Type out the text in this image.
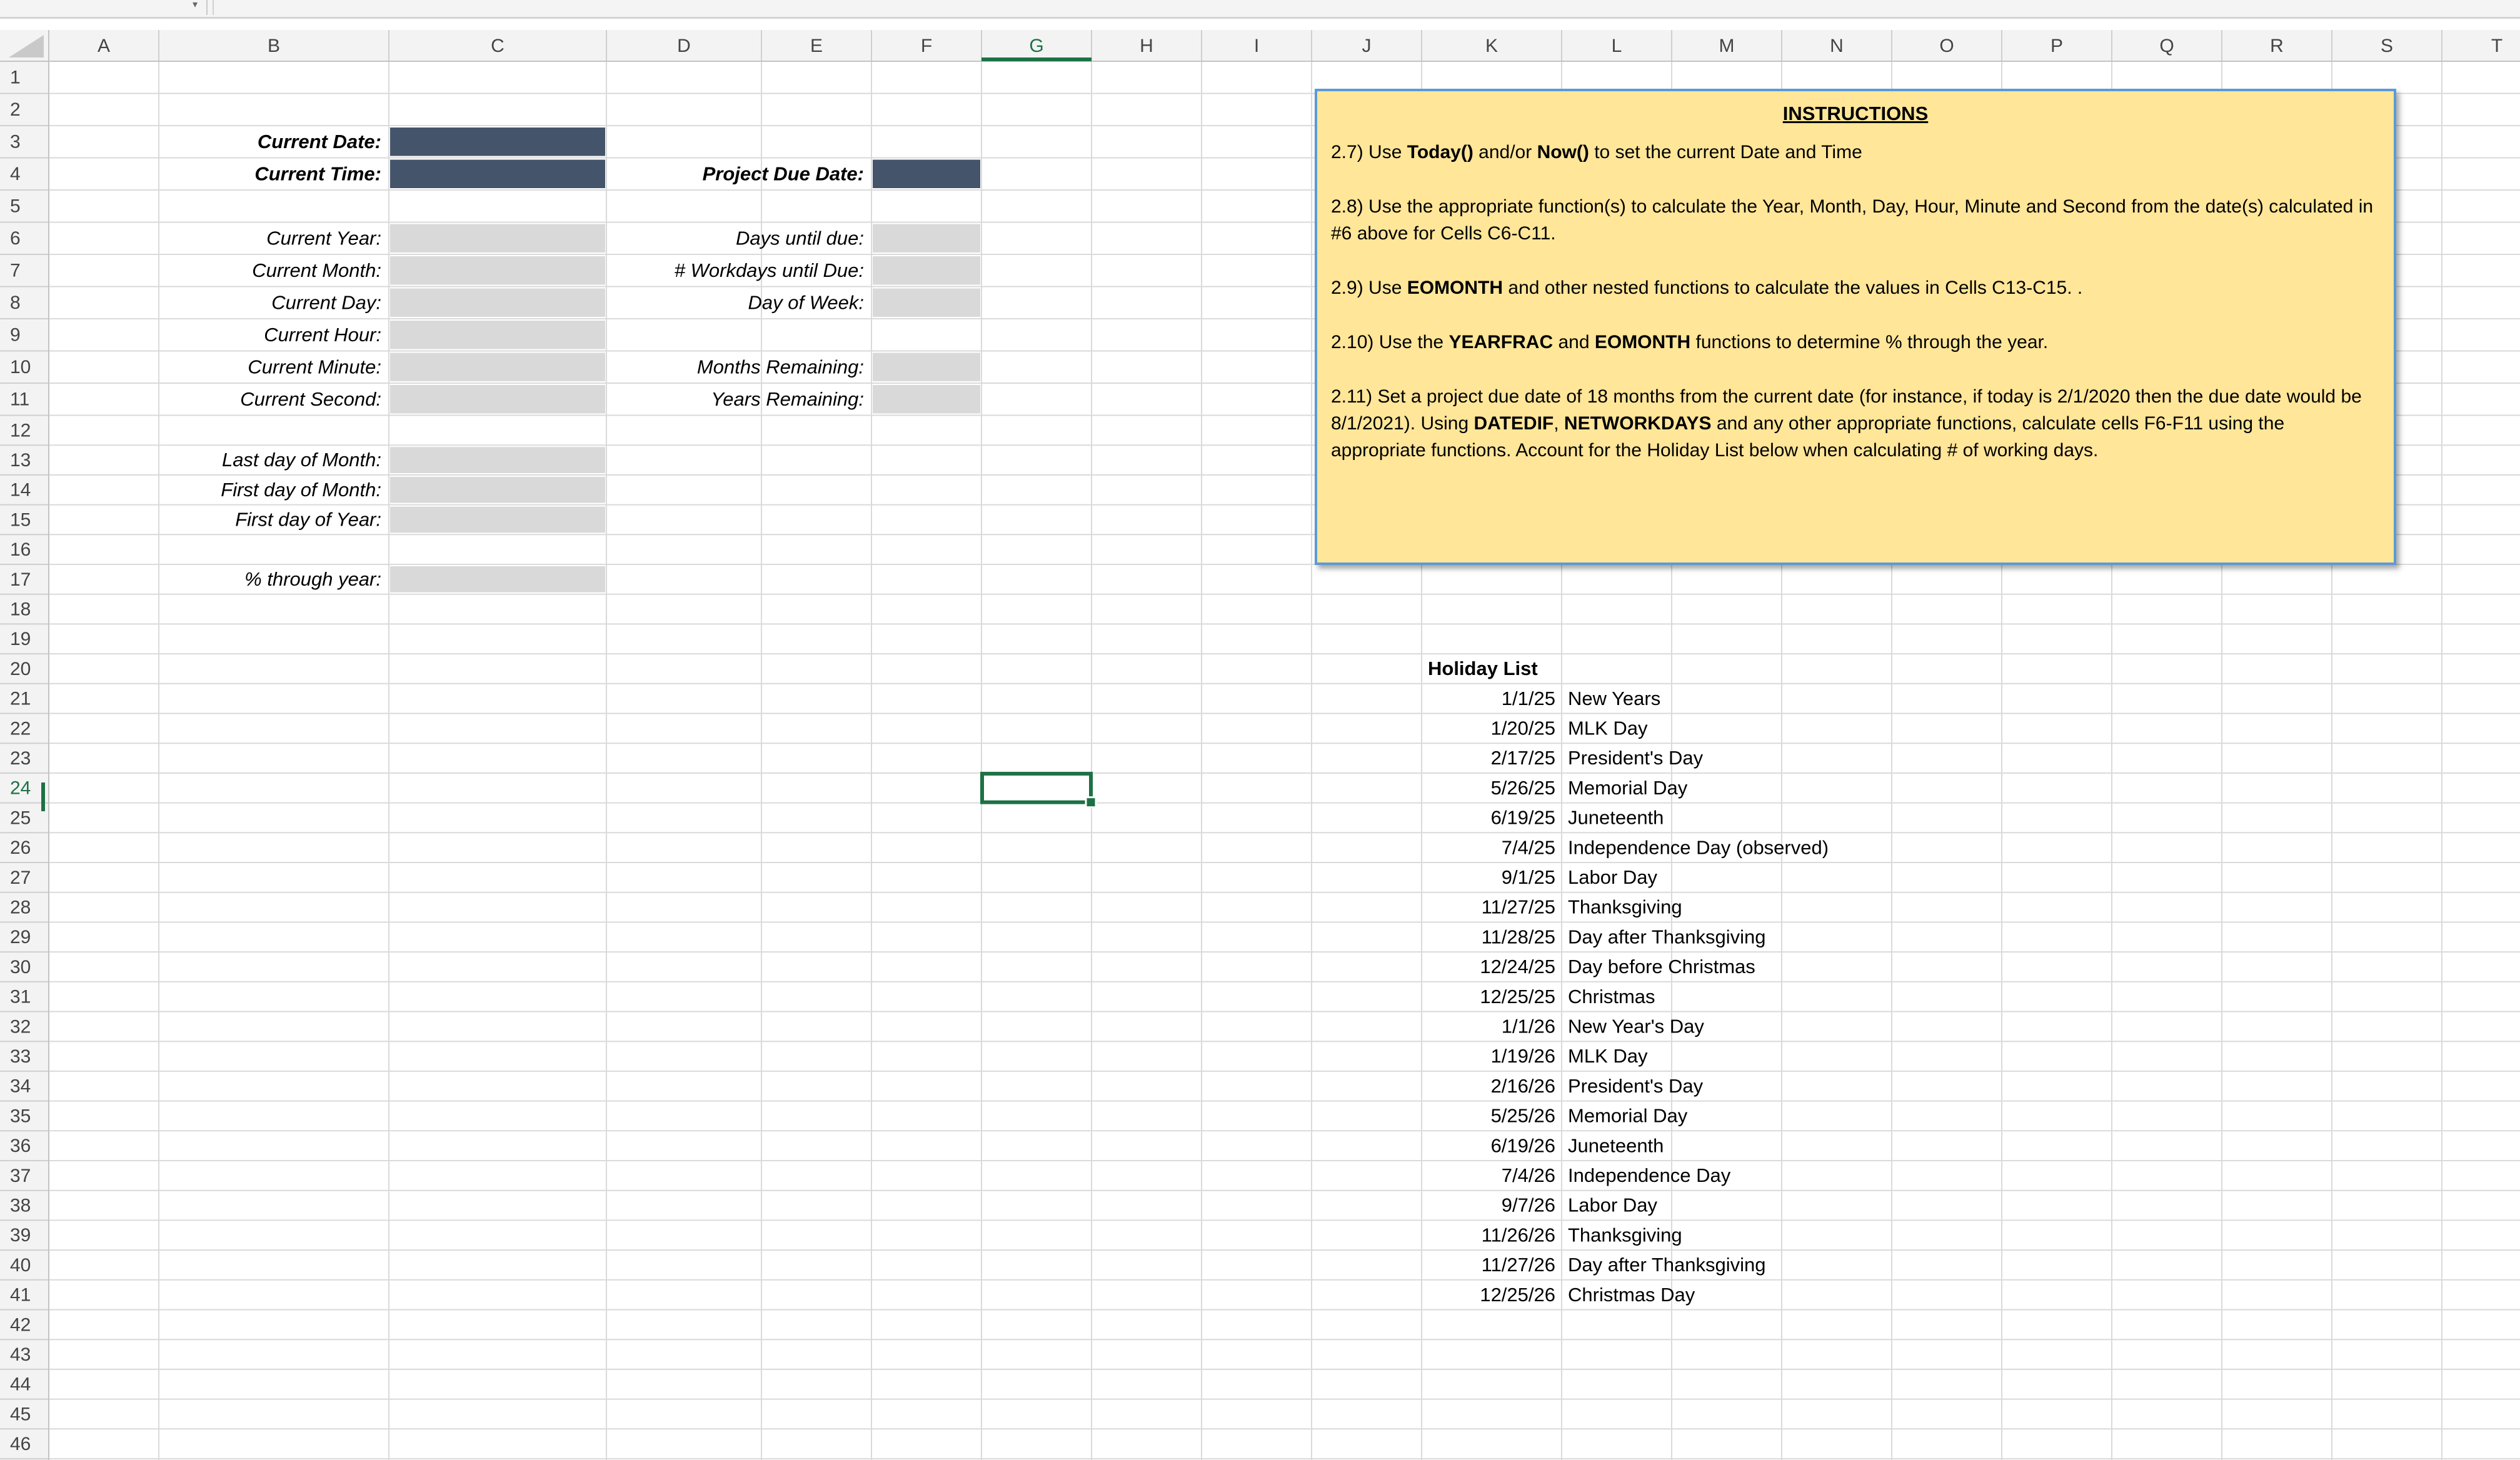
▾
A	B	C	D	E	F	G	H	I	J	K	L	M	N	O	P	Q	R	S	T
1
2
3
4
5
6
7
8
9
10
11
12
13
14
15
16
17
18
19
20
21
22
23
24
25
26
27
28
29
30
31
32
33
34
35
36
37
38
39
40
41
42
43
44
45
46
Current Date:
Current Time:	Project Due Date:
Current Year:
Current Month:
Current Day:
Current Hour:
Current Minute:
Current Second:
Days until due:
# Workdays until Due:
Day of Week:
Months Remaining:
Years Remaining:
Last day of Month:
First day of Month:
First day of Year:
% through year:
Holiday List
1/1/25 New Years
1/20/25 MLK Day
2/17/25 President's Day
5/26/25 Memorial Day
6/19/25 Juneteenth
7/4/25 Independence Day (observed)
9/1/25 Labor Day
11/27/25 Thanksgiving
11/28/25 Day after Thanksgiving
12/24/25 Day before Christmas
12/25/25 Christmas
1/1/26 New Year's Day
1/19/26 MLK Day
2/16/26 President's Day
5/25/26 Memorial Day
6/19/26 Juneteenth
7/4/26 Independence Day
9/7/26 Labor Day
11/26/26 Thanksgiving
11/27/26 Day after Thanksgiving
12/25/26 Christmas Day
INSTRUCTIONS

2.7) Use Today() and/or Now() to set the current Date and Time

2.8) Use the appropriate function(s) to calculate the Year, Month, Day, Hour, Minute and Second from the date(s) calculated in #6 above for Cells C6-C11.

2.9) Use EOMONTH and other nested functions to calculate the values in Cells C13-C15. .

2.10) Use the YEARFRAC and EOMONTH functions to determine % through the year.

2.11) Set a project due date of 18 months from the current date (for instance, if today is 2/1/2020 then the due date would be 8/1/2021). Using DATEDIF, NETWORKDAYS and any other appropriate functions, calculate cells F6-F11 using the appropriate functions. Account for the Holiday List below when calculating # of working days.
